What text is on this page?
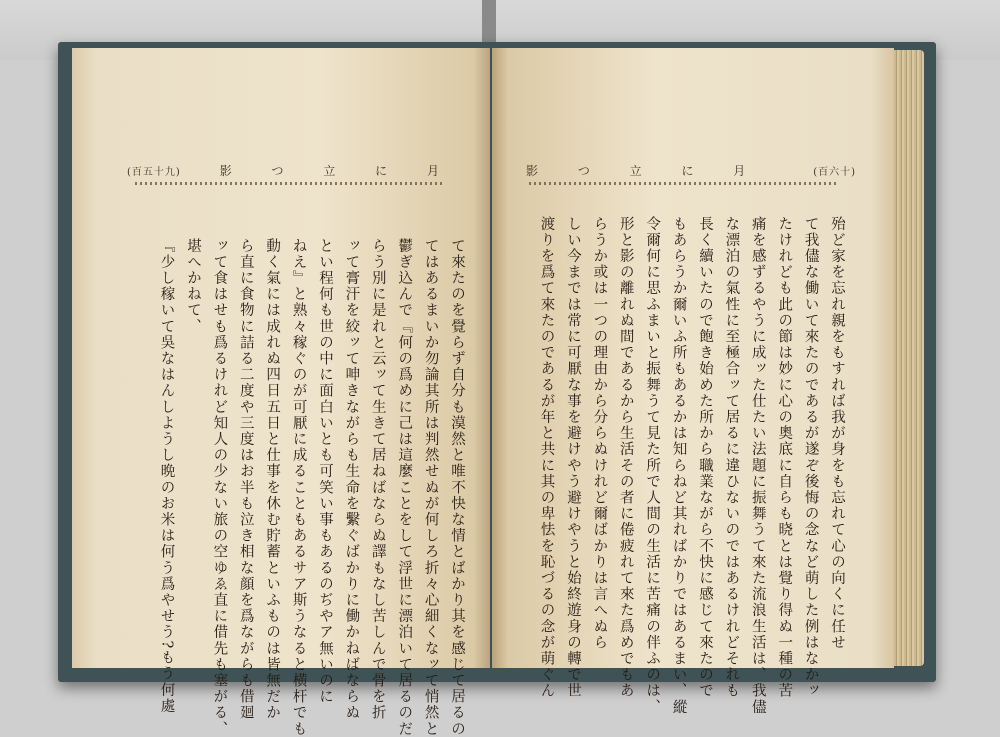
(百五十九)	影 つ 立 に 月
て來たのを覺らず自分も漠然と唯不快な情とばかり其を感じて居るの
てはあるまいか勿論其所は判然せぬが何しろ折々心細くなッて悄然と
鬱ぎ込んで『何の爲めに己は這麼ことをして浮世に漂泊いて居るのだ
らう別に是れと云ッて生きて居ねばならぬ譯もなし苦しんで骨を折
ッて膏汗を絞ッて呻きながらも生命を繫ぐばかりに働かねばならぬ
とい程何も世の中に面白いとも可笑い事もあるのぢやア無いのに
ねえ』と熟々稼ぐのが可厭に成ることもあるサア斯うなると横杆でも
動く氣には成れぬ四日五日と仕事を休む貯蓄といふものは皆無だか
ら直に食物に詰る二度や三度はお半も泣き相な顔を爲ながらも借廻
ッて食はせも爲るけれど知人の少ない旅の空ゆゑ直に借先も塞がる、
堪へかねて、
『少し稼いて吳なはんしようし晩のお米は何う爲やせう?もう何處
影 つ 立 に 月	(百六十)
殆ど家を忘れ親をもすれば我が身をも忘れて心の向くに任せ
て我儘な働いて來たのであるが遂ぞ後悔の念など萌した例はなかッ
たけれども此の節は妙に心の奧底に自らも晓とは覺り得ぬ一種の苦
痛を感ずるやうに成ッた仕たい法題に振舞うて來た流浪生活は、我儘
な漂泊の氣性に至極合ッて居るに違ひないのではあるけれどそれも
長く續いたので飽き始めた所から職業ながら不快に感じて來たので
もあらうか爾いふ所もあるかは知らねど其ればかりではあるまい、縱
令爾何に思ふまいと振舞うて見た所で人間の生活に苦痛の伴ふのは、
形と影の離れぬ間であるから生活その者に倦疲れて來た爲めでもあ
らうか或は一つの理由から分らぬけれど爾ばかりは言へぬら
しい今までは常に可厭な事を避けやう避けやうと始終遊身の轉で世
渡りを爲て來たのであるが年と共に其の卑怯を恥づるの念が萌ぐん
